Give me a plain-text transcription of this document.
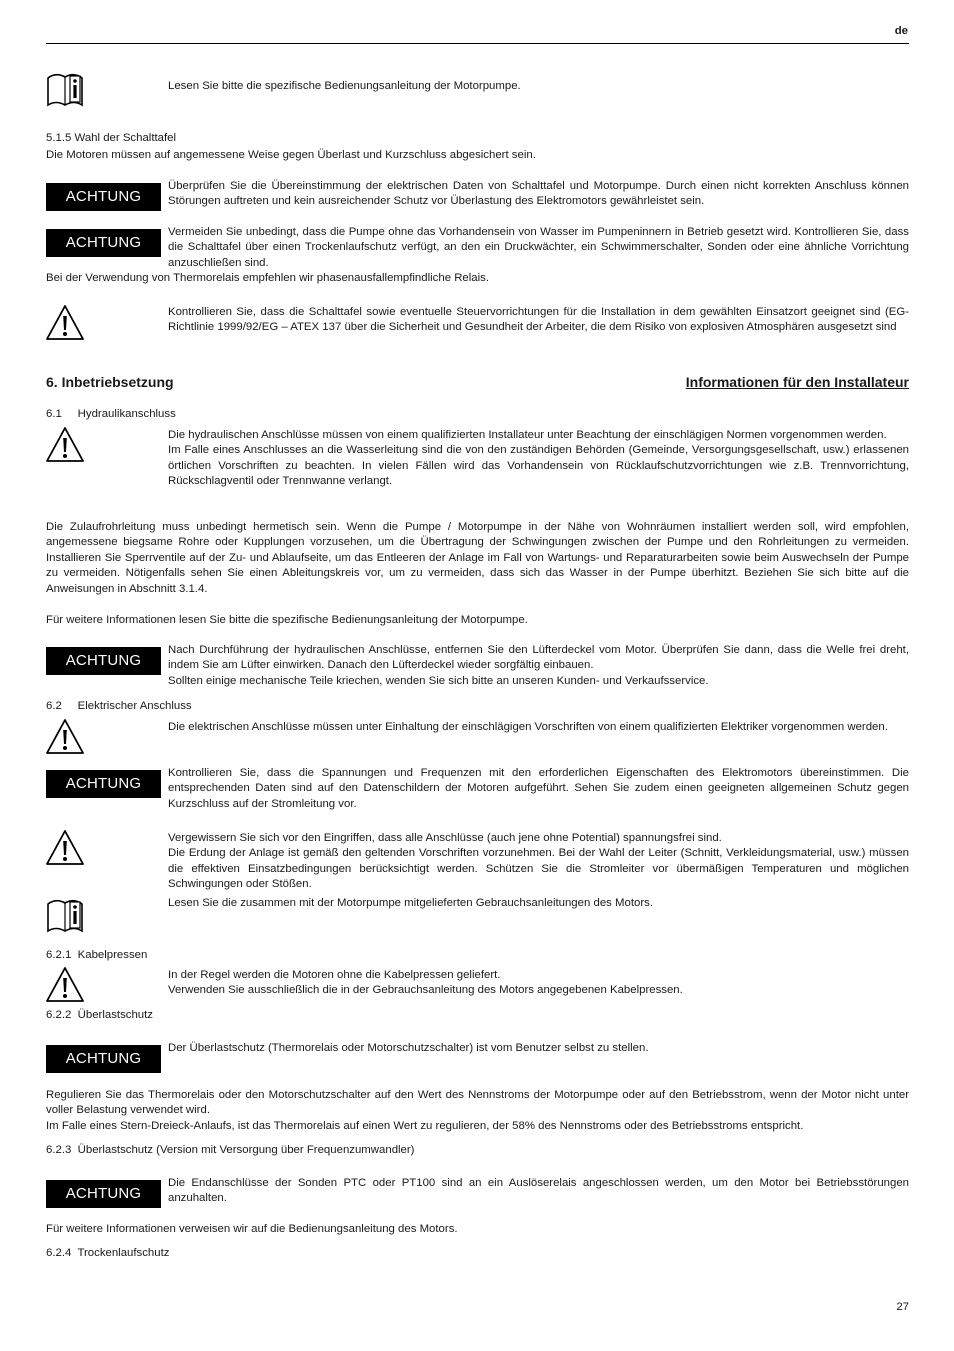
de
Lesen Sie bitte die spezifische Bedienungsanleitung der Motorpumpe.
5.1.5 Wahl der Schalttafel
Die Motoren müssen auf angemessene Weise gegen Überlast und Kurzschluss abgesichert sein.
ACHTUNG
Überprüfen Sie die Übereinstimmung der elektrischen Daten von Schalttafel und Motorpumpe. Durch einen nicht korrekten Anschluss können Störungen auftreten und kein ausreichender Schutz vor Überlastung des Elektromotors gewährleistet sein.
ACHTUNG
Vermeiden Sie unbedingt, dass die Pumpe ohne das Vorhandensein von Wasser im Pumpeninnern in Betrieb gesetzt wird. Kontrollieren Sie, dass die Schalttafel über einen Trockenlaufschutz verfügt, an den ein Druckwächter, ein Schwimmerschalter, Sonden oder eine ähnliche Vorrichtung anzuschließen sind.
Bei der Verwendung von Thermorelais empfehlen wir phasenausfallempfindliche Relais.
Kontrollieren Sie, dass die Schalttafel sowie eventuelle Steuervorrichtungen für die Installation in dem gewählten Einsatzort geeignet sind (EG-Richtlinie 1999/92/EG – ATEX 137 über die Sicherheit und Gesundheit der Arbeiter, die dem Risiko von explosiven Atmosphären ausgesetzt sind
6. Inbetriebsetzung	Informationen für den Installateur
6.1     Hydraulikanschluss
Die hydraulischen Anschlüsse müssen von einem qualifizierten Installateur unter Beachtung der einschlägigen Normen vorgenommen werden.
Im Falle eines Anschlusses an die Wasserleitung sind die von den zuständigen Behörden (Gemeinde, Versorgungsgesellschaft, usw.) erlassenen örtlichen Vorschriften zu beachten. In vielen Fällen wird das Vorhandensein von Rücklaufschutzvorrichtungen wie z.B. Trennvorrichtung, Rückschlagventil oder Trennwanne verlangt.
Die Zulaufrohrleitung muss unbedingt hermetisch sein. Wenn die Pumpe / Motorpumpe in der Nähe von Wohnräumen installiert werden soll, wird empfohlen, angemessene biegsame Rohre oder Kupplungen vorzusehen, um die Übertragung der Schwingungen zwischen der Pumpe und den Rohrleitungen zu vermeiden. Installieren Sie Sperrventile auf der Zu- und Ablaufseite, um das Entleeren der Anlage im Fall von Wartungs- und Reparaturarbeiten sowie beim Auswechseln der Pumpe zu vermeiden. Nötigenfalls sehen Sie einen Ableitungskreis vor, um zu vermeiden, dass sich das Wasser in der Pumpe überhitzt. Beziehen Sie sich bitte auf die Anweisungen in Abschnitt 3.1.4.
Für weitere Informationen lesen Sie bitte die spezifische Bedienungsanleitung der Motorpumpe.
ACHTUNG
Nach Durchführung der hydraulischen Anschlüsse, entfernen Sie den Lüfterdeckel vom Motor. Überprüfen Sie dann, dass die Welle frei dreht, indem Sie am Lüfter einwirken. Danach den Lüfterdeckel wieder sorgfältig einbauen.
Sollten einige mechanische Teile kriechen, wenden Sie sich bitte an unseren Kunden- und Verkaufsservice.
6.2     Elektrischer Anschluss
Die elektrischen Anschlüsse müssen unter Einhaltung der einschlägigen Vorschriften von einem qualifizierten Elektriker vorgenommen werden.
ACHTUNG
Kontrollieren Sie, dass die Spannungen und Frequenzen mit den erforderlichen Eigenschaften des Elektromotors übereinstimmen. Die entsprechenden Daten sind auf den Datenschildern der Motoren aufgeführt. Sehen Sie zudem einen geeigneten allgemeinen Schutz gegen Kurzschluss auf der Stromleitung vor.
Vergewissern Sie sich vor den Eingriffen, dass alle Anschlüsse (auch jene ohne Potential) spannungsfrei sind.
Die Erdung der Anlage ist gemäß den geltenden Vorschriften vorzunehmen. Bei der Wahl der Leiter (Schnitt, Verkleidungsmaterial, usw.) müssen die effektiven Einsatzbedingungen berücksichtigt werden. Schützen Sie die Stromleiter vor übermäßigen Temperaturen und möglichen Schwingungen oder Stößen.
Lesen Sie die zusammen mit der Motorpumpe mitgelieferten Gebrauchsanleitungen des Motors.
6.2.1  Kabelpressen
In der Regel werden die Motoren ohne die Kabelpressen geliefert.
Verwenden Sie ausschließlich die in der Gebrauchsanleitung des Motors angegebenen Kabelpressen.
6.2.2  Überlastschutz
ACHTUNG
Der Überlastschutz (Thermorelais oder Motorschutzschalter) ist vom Benutzer selbst zu stellen.
Regulieren Sie das Thermorelais oder den Motorschutzschalter auf den Wert des Nennstroms der Motorpumpe oder auf den Betriebsstrom, wenn der Motor nicht unter voller Belastung verwendet wird.
Im Falle eines Stern-Dreieck-Anlaufs, ist das Thermorelais auf einen Wert zu regulieren, der 58% des Nennstroms oder des Betriebsstroms entspricht.
6.2.3  Überlastschutz (Version mit Versorgung über Frequenzumwandler)
ACHTUNG
Die Endanschlüsse der Sonden PTC oder PT100 sind an ein Auslöserelais angeschlossen werden, um den Motor bei Betriebsstörungen anzuhalten.
Für weitere Informationen verweisen wir auf die Bedienungsanleitung des Motors.
6.2.4  Trockenlaufschutz
27
